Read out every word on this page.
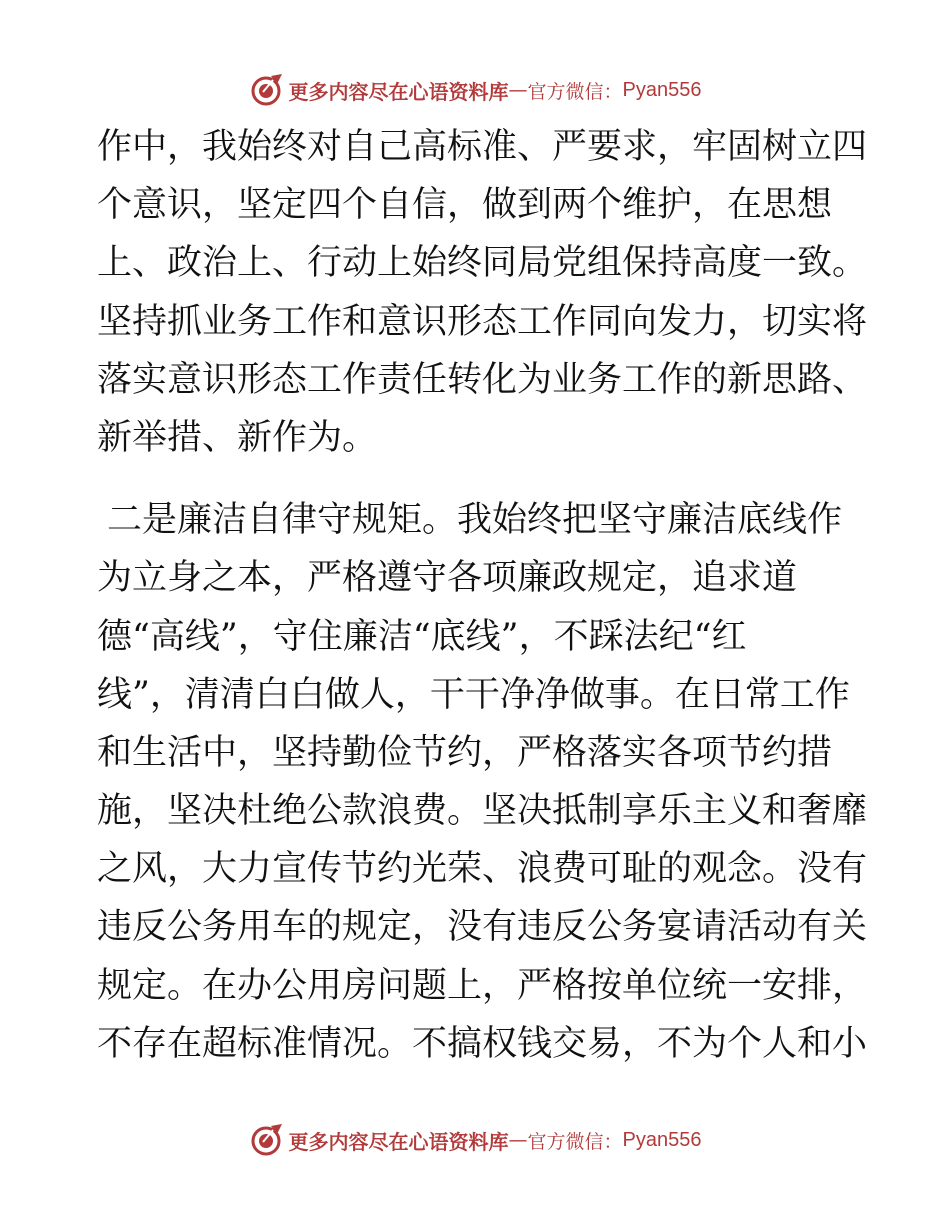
更多内容尽在心语资料库 — 官方微信： Pyan556
作中，我始终对自己高标准、严要求，牢固树立四
个意识，坚定四个自信，做到两个维护，在思想
上、政治上、行动上始终同局党组保持高度一致。
坚持抓业务工作和意识形态工作同向发力，切实将
落实意识形态工作责任转化为业务工作的新思路、
新举措、新作为。
二是廉洁自律守规矩。我始终把坚守廉洁底线作
为立身之本，严格遵守各项廉政规定，追求道
德“高线”，守住廉洁“底线”，不踩法纪“红
线”，清清白白做人，干干净净做事。在日常工作
和生活中，坚持勤俭节约，严格落实各项节约措
施，坚决杜绝公款浪费。坚决抵制享乐主义和奢靡
之风，大力宣传节约光荣、浪费可耻的观念。没有
违反公务用车的规定，没有违反公务宴请活动有关
规定。在办公用房问题上，严格按单位统一安排，
不存在超标准情况。不搞权钱交易，不为个人和小
更多内容尽在心语资料库 — 官方微信： Pyan556
